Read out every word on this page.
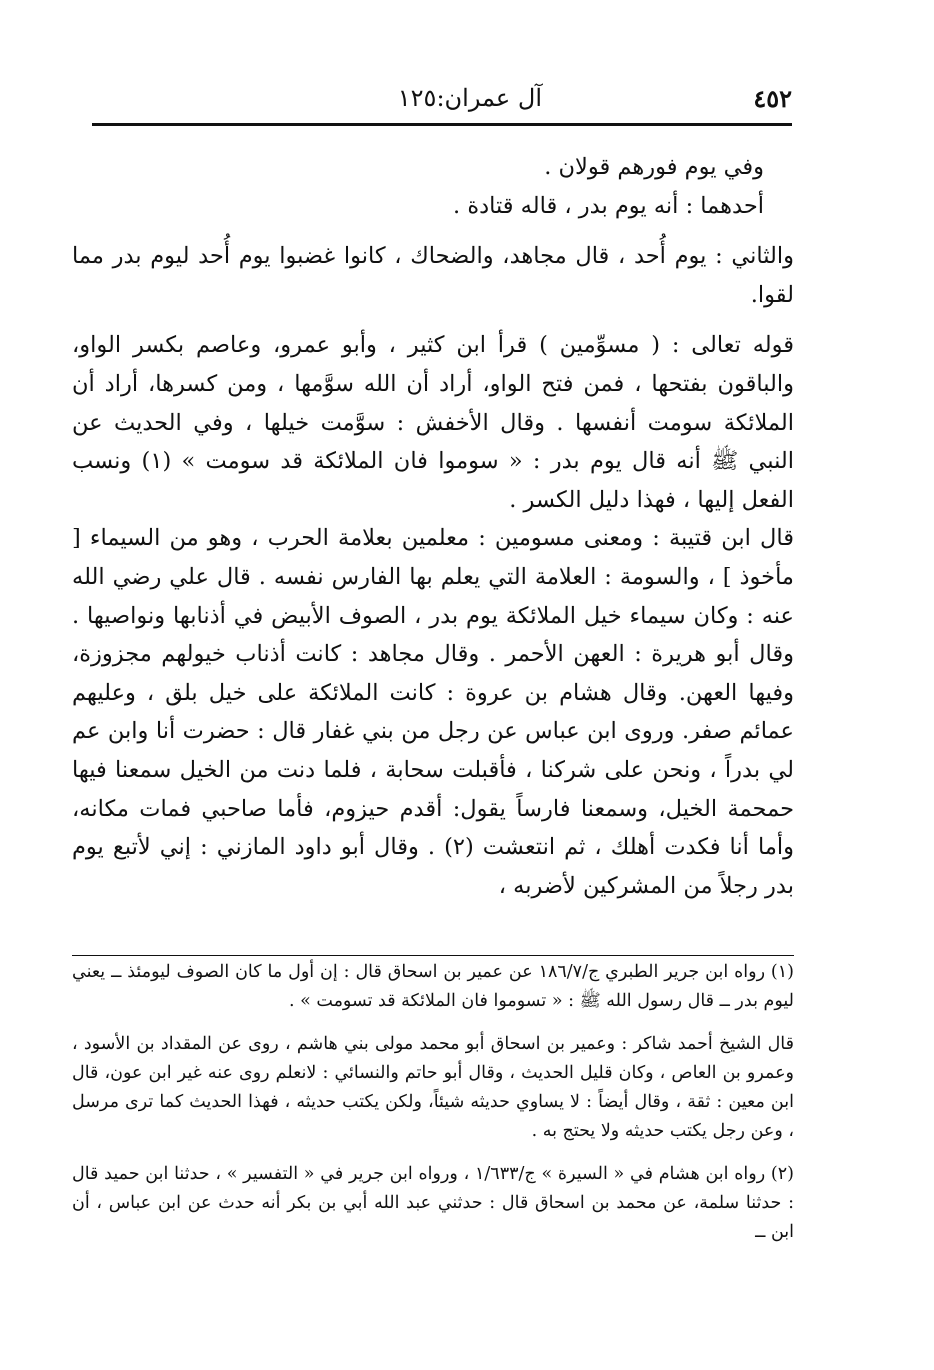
٤٥٢
آل عمران:١٢٥

وفي يوم فورهم قولان .

أحدهما : أنه يوم بدر ، قاله قتادة .

والثاني : يوم أُحد ، قال مجاهد، والضحاك ، كانوا غضبوا يوم أُحد ليوم بدر مما لقوا.

قوله تعالى : ( مسوِّمين ) قرأ ابن كثير ، وأبو عمرو، وعاصم بكسر الواو، والباقون بفتحها ، فمن فتح الواو، أراد أن الله سوَّمها ، ومن كسرها، أراد أن الملائكة سومت أنفسها . وقال الأخفش : سوَّمت خيلها ، وفي الحديث عن النبي ﷺ أنه قال يوم بدر : « سوموا فان الملائكة قد سومت » (١) ونسب الفعل إليها ، فهذا دليل الكسر .

قال ابن قتيبة : ومعنى مسومين : معلمين بعلامة الحرب ، وهو من السيماء [ مأخوذ ] ، والسومة : العلامة التي يعلم بها الفارس نفسه . قال علي رضي الله عنه : وكان سيماء خيل الملائكة يوم بدر ، الصوف الأبيض في أذنابها ونواصيها . وقال أبو هريرة : العهن الأحمر . وقال مجاهد : كانت أذناب خيولهم مجزوزة، وفيها العهن. وقال هشام بن عروة : كانت الملائكة على خيل بلق ، وعليهم عمائم صفر. وروى ابن عباس عن رجل من بني غفار قال : حضرت أنا وابن عم لي بدراً ، ونحن على شركنا ، فأقبلت سحابة ، فلما دنت من الخيل سمعنا فيها حمحمة الخيل، وسمعنا فارساً يقول: أقدم حيزوم، فأما صاحبي فمات مكانه، وأما أنا فكدت أهلك ، ثم انتعشت (٢) . وقال أبو داود المازني : إني لأتبع يوم بدر رجلاً من المشركين لأضربه ،

(١) رواه ابن جرير الطبري ج/١٨٦/٧ عن عمير بن اسحاق قال : إن أول ما كان الصوف ليومئذ ــ يعني ليوم بدر ــ قال رسول الله ﷺ : « تسوموا فان الملائكة قد تسومت » .

قال الشيخ أحمد شاكر : وعمير بن اسحاق أبو محمد مولى بني هاشم ، روى عن المقداد بن الأسود ، وعمرو بن العاص ، وكان قليل الحديث ، وقال أبو حاتم والنسائي : لانعلم روى عنه غير ابن عون، قال ابن معين : ثقة ، وقال أيضاً : لا يساوي حديثه شيئاً، ولكن يكتب حديثه ، فهذا الحديث كما ترى مرسل ، وعن رجل يكتب حديثه ولا يحتج به .

(٢) رواه ابن هشام في « السيرة » ج/١/٦٣٣ ، ورواه ابن جرير في « التفسير » ، حدثنا ابن حميد قال : حدثنا سلمة، عن محمد بن اسحاق قال : حدثني عبد الله أبي بن بكر أنه حدث عن ابن عباس ، أن ابن ــ
